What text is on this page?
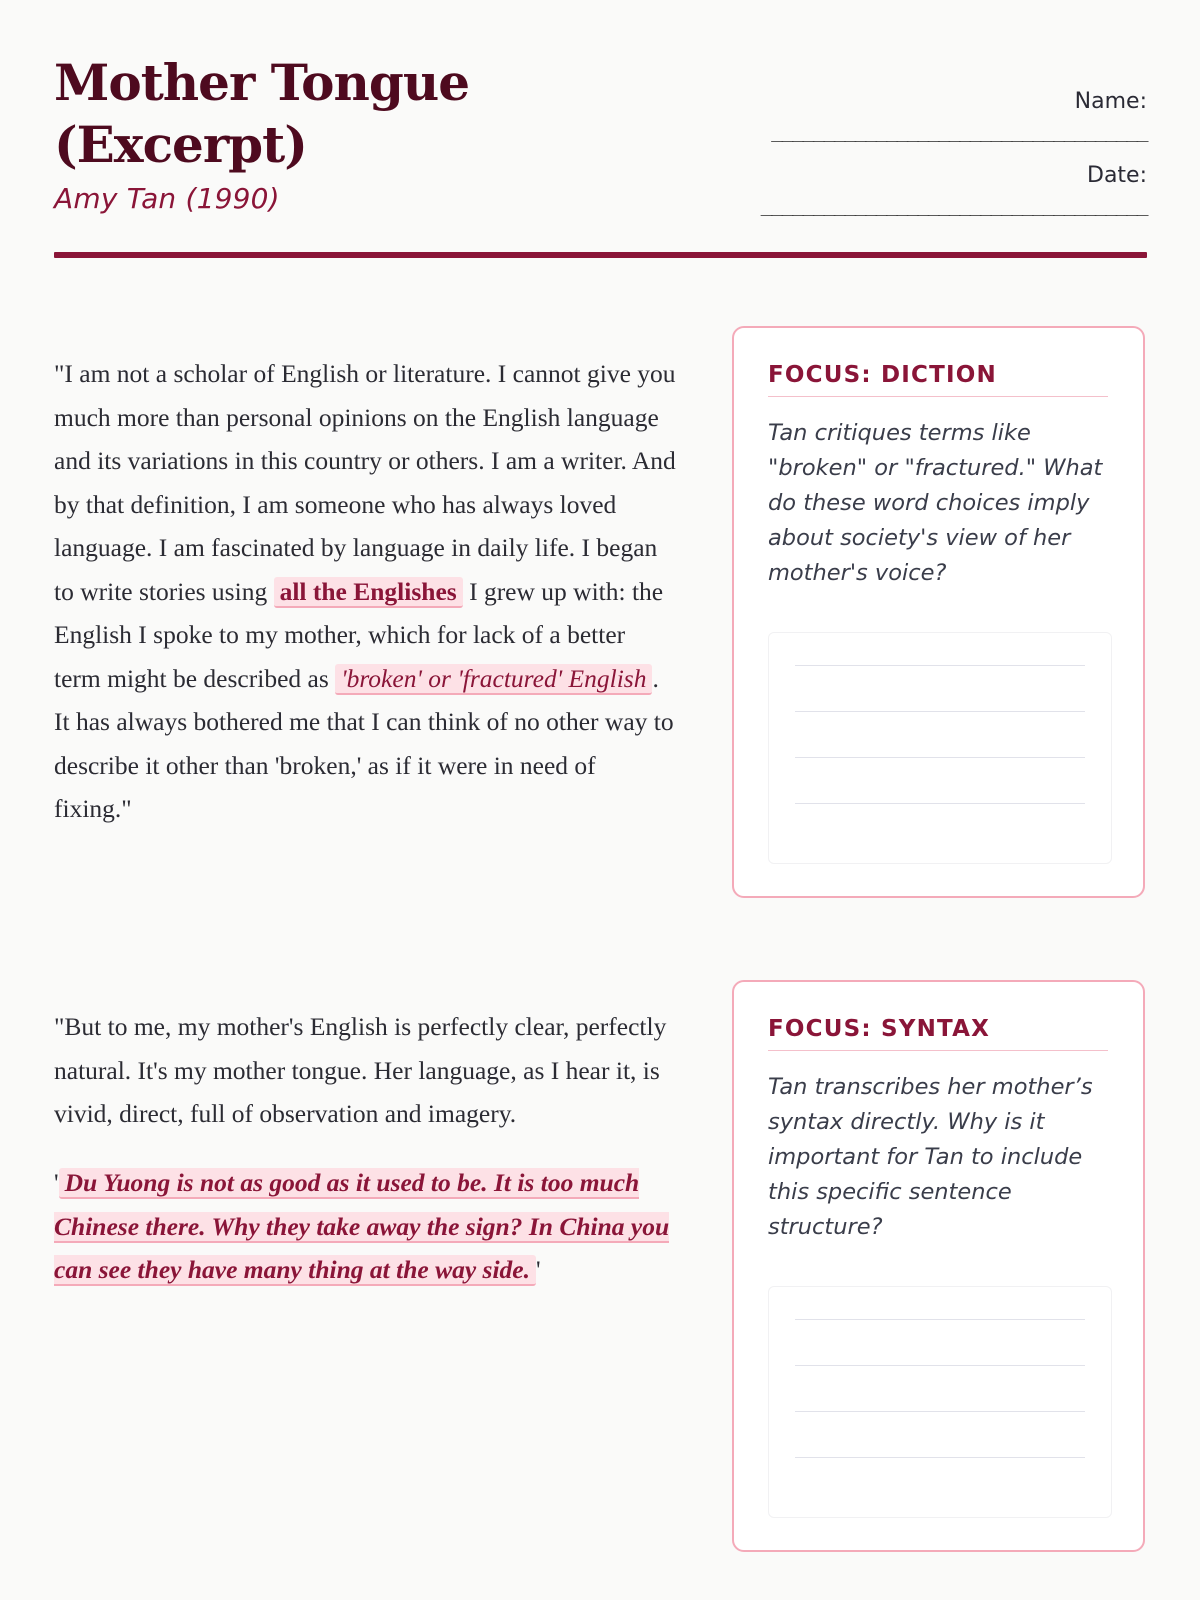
Mother Tongue (Excerpt)
Amy Tan (1990)
Name:
____________________________________
Date:
_____________________________________

"I am not a scholar of English or literature. I cannot give you much more than personal opinions on the English language and its variations in this country or others. I am a writer. And by that definition, I am someone who has always loved language. I am fascinated by language in daily life. I began to write stories using all the Englishes I grew up with: the English I spoke to my mother, which for lack of a better term might be described as 'broken' or 'fractured' English . It has always bothered me that I can think of no other way to describe it other than 'broken,' as if it were in need of fixing."

FOCUS: DICTION
Tan critiques terms like "broken" or "fractured." What do these word choices imply about society's view of her mother's voice?

"But to me, my mother's English is perfectly clear, perfectly natural. It's my mother tongue. Her language, as I hear it, is vivid, direct, full of observation and imagery.

' Du Yuong is not as good as it used to be. It is too much Chinese there. Why they take away the sign? In China you can see they have many thing at the way side. '

FOCUS: SYNTAX
Tan transcribes her mother’s syntax directly. Why is it important for Tan to include this specific sentence structure?
